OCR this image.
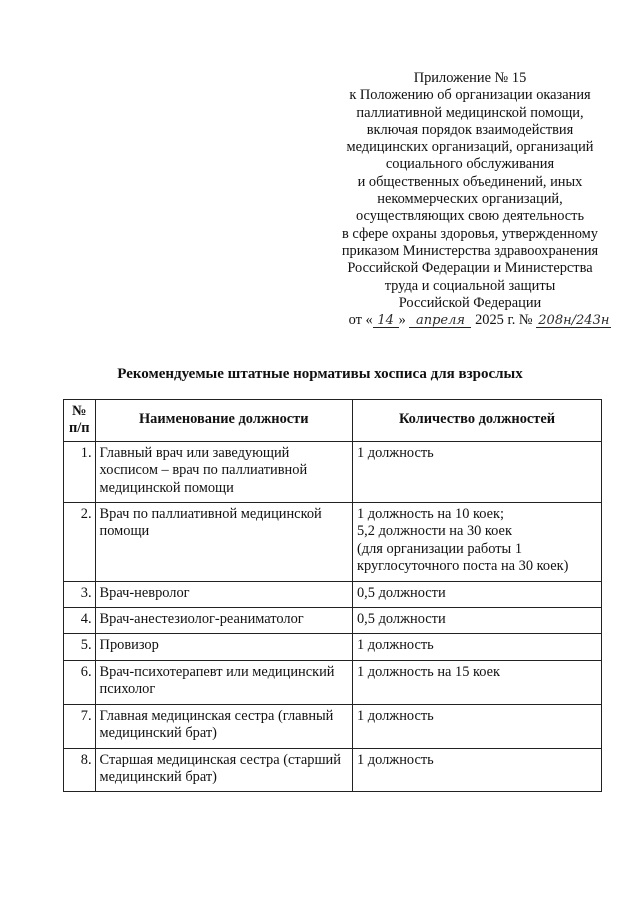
Приложение № 15
к Положению об организации оказания
паллиативной медицинской помощи,
включая порядок взаимодействия
медицинских организаций, организаций
социального обслуживания
и общественных объединений, иных
некоммерческих организаций,
осуществляющих свою деятельность
в сфере охраны здоровья, утвержденному
приказом Министерства здравоохранения
Российской Федерации и Министерства
труда и социальной защиты
Российской Федерации
от « 14 » апреля 2025 г. № 208н/243н
Рекомендуемые штатные нормативы хосписа для взрослых
№
п/п	Наименование должности	Количество должностей
1.	Главный врач или заведующий
хосписом – врач по паллиативной
медицинской помощи	1 должность
2.	Врач по паллиативной медицинской
помощи	1 должность на 10 коек;
5,2 должности на 30 коек
(для организации работы 1
круглосуточного поста на 30 коек)
3.	Врач-невролог	0,5 должности
4.	Врач-анестезиолог-реаниматолог	0,5 должности
5.	Провизор	1 должность
6.	Врач-психотерапевт или медицинский
психолог	1 должность на 15 коек
7.	Главная медицинская сестра (главный
медицинский брат)	1 должность
8.	Старшая медицинская сестра (старший
медицинский брат)	1 должность
